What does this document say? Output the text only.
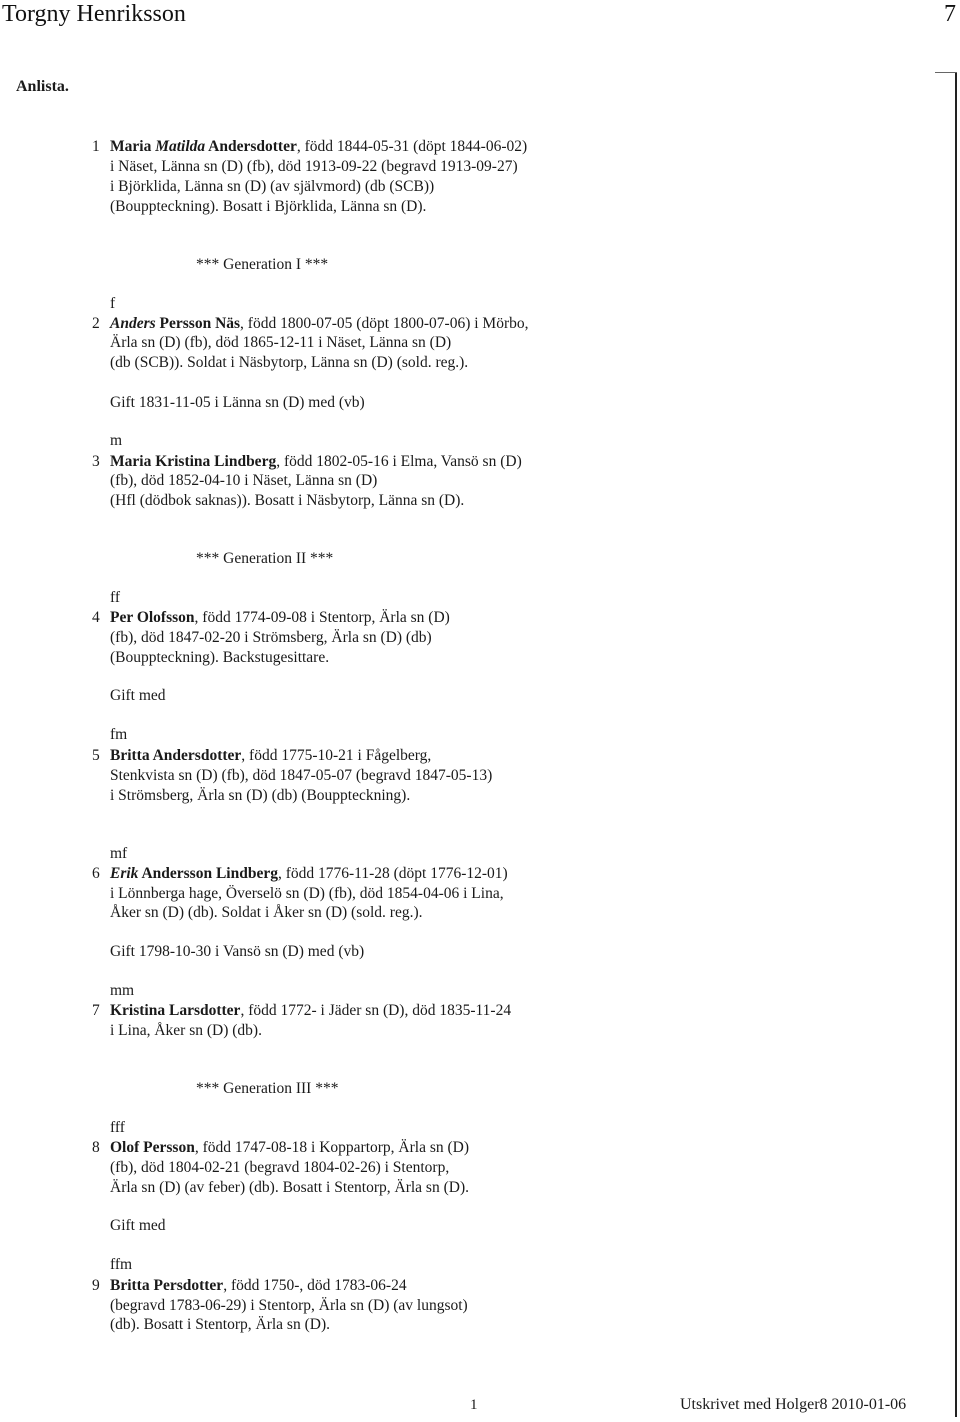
Torgny Henriksson	7
Anlista.
*** Generation I ***
*** Generation II ***
*** Generation III ***
1 Maria Matilda Andersdotter, född 1844-05-31 (döpt 1844-06-02)
i Näset, Länna sn (D) (fb), död 1913-09-22 (begravd 1913-09-27)
i Björklida, Länna sn (D) (av självmord) (db (SCB))
(Bouppteckning). Bosatt i Björklida, Länna sn (D).
f
2 Anders Persson Näs, född 1800-07-05 (döpt 1800-07-06) i Mörbo,
Ärla sn (D) (fb), död 1865-12-11 i Näset, Länna sn (D)
(db (SCB)). Soldat i Näsbytorp, Länna sn (D) (sold. reg.).
Gift 1831-11-05 i Länna sn (D) med (vb)
m
3 Maria Kristina Lindberg, född 1802-05-16 i Elma, Vansö sn (D)
(fb), död 1852-04-10 i Näset, Länna sn (D)
(Hfl (dödbok saknas)). Bosatt i Näsbytorp, Länna sn (D).
ff
4 Per Olofsson, född 1774-09-08 i Stentorp, Ärla sn (D)
(fb), död 1847-02-20 i Strömsberg, Ärla sn (D) (db)
(Bouppteckning). Backstugesittare.
Gift med
fm
5 Britta Andersdotter, född 1775-10-21 i Fågelberg,
Stenkvista sn (D) (fb), död 1847-05-07 (begravd 1847-05-13)
i Strömsberg, Ärla sn (D) (db) (Bouppteckning).
mf
6 Erik Andersson Lindberg, född 1776-11-28 (döpt 1776-12-01)
i Lönnberga hage, Överselö sn (D) (fb), död 1854-04-06 i Lina,
Åker sn (D) (db). Soldat i Åker sn (D) (sold. reg.).
Gift 1798-10-30 i Vansö sn (D) med (vb)
mm
7 Kristina Larsdotter, född 1772- i Jäder sn (D), död 1835-11-24
i Lina, Åker sn (D) (db).
fff
8 Olof Persson, född 1747-08-18 i Koppartorp, Ärla sn (D)
(fb), död 1804-02-21 (begravd 1804-02-26) i Stentorp,
Ärla sn (D) (av feber) (db). Bosatt i Stentorp, Ärla sn (D).
Gift med
ffm
9 Britta Persdotter, född 1750-, död 1783-06-24
(begravd 1783-06-29) i Stentorp, Ärla sn (D) (av lungsot)
(db). Bosatt i Stentorp, Ärla sn (D).
1	Utskrivet med Holger8 2010-01-06
